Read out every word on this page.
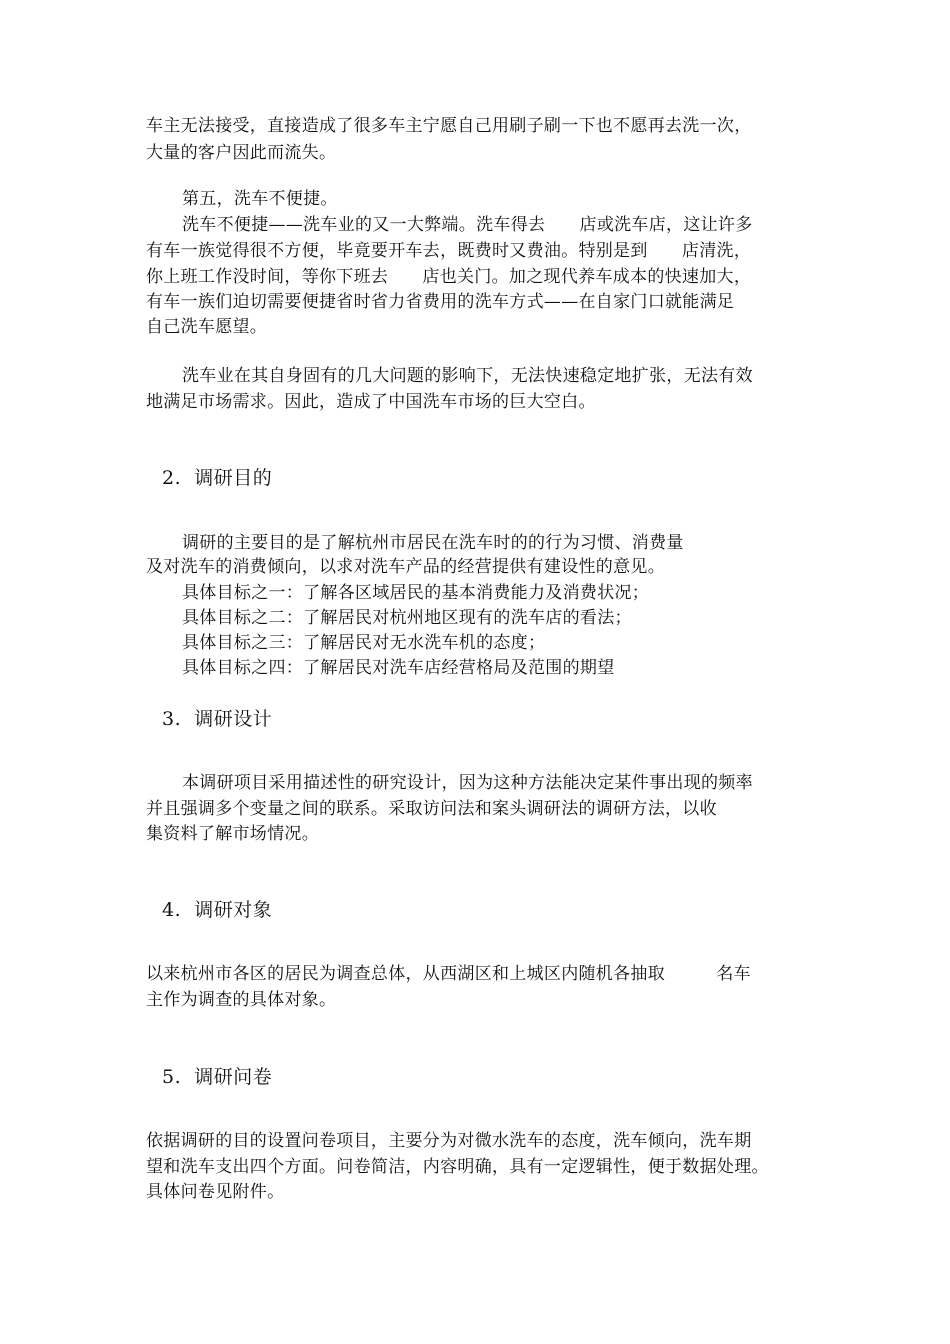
车主无法接受，直接造成了很多车主宁愿自己用刷子刷一下也不愿再去洗一次，
大量的客户因此而流失。
第五，洗车不便捷。
洗车不便捷——洗车业的又一大弊端。洗车得去      店或洗车店，这让许多
有车一族觉得很不方便，毕竟要开车去，既费时又费油。特别是到      店清洗，
你上班工作没时间，等你下班去      店也关门。加之现代养车成本的快速加大，
有车一族们迫切需要便捷省时省力省费用的洗车方式——在自家门口就能满足
自己洗车愿望。
洗车业在其自身固有的几大问题的影响下，无法快速稳定地扩张，无法有效
地满足市场需求。因此，造成了中国洗车市场的巨大空白。
2.  调研目的
调研的主要目的是了解杭州市居民在洗车时的的行为习惯、消费量
及对洗车的消费倾向，以求对洗车产品的经营提供有建设性的意见。
具体目标之一：了解各区域居民的基本消费能力及消费状况；
具体目标之二：了解居民对杭州地区现有的洗车店的看法；
具体目标之三：了解居民对无水洗车机的态度；
具体目标之四：了解居民对洗车店经营格局及范围的期望
3.  调研设计
本调研项目采用描述性的研究设计，因为这种方法能决定某件事出现的频率
并且强调多个变量之间的联系。采取访问法和案头调研法的调研方法，以收
集资料了解市场情况。
4.  调研对象
以来杭州市各区的居民为调查总体，从西湖区和上城区内随机各抽取         名车
主作为调查的具体对象。
5.  调研问卷
依据调研的目的设置问卷项目，主要分为对微水洗车的态度，洗车倾向，洗车期
望和洗车支出四个方面。问卷简洁，内容明确，具有一定逻辑性，便于数据处理。
具体问卷见附件。
